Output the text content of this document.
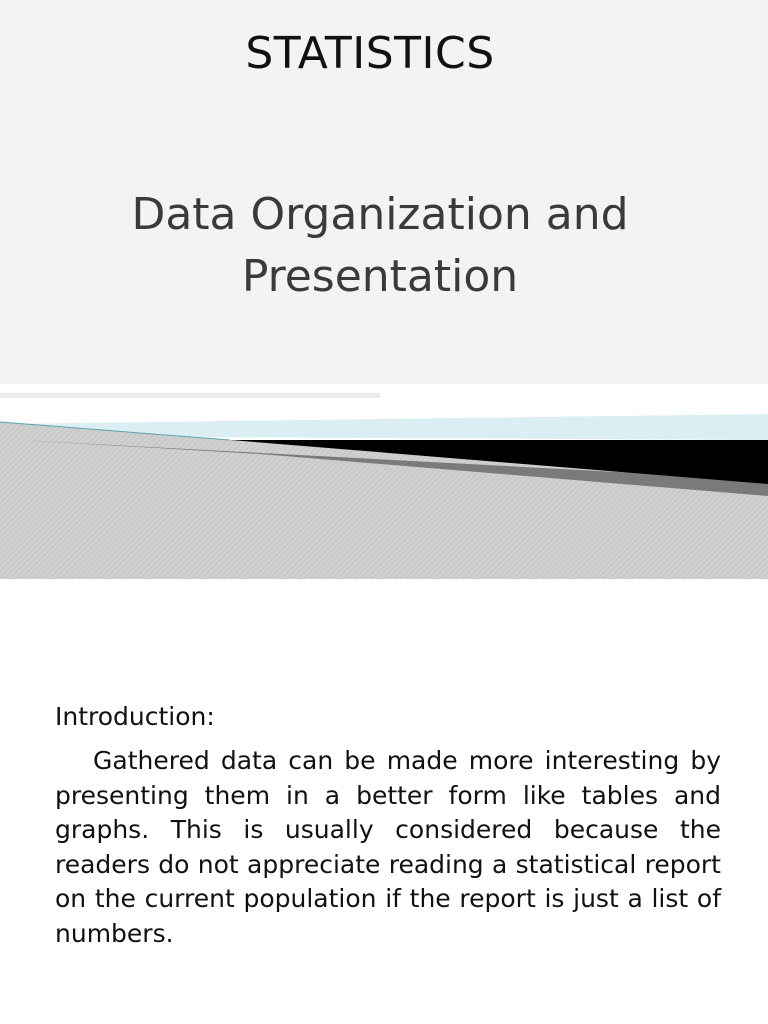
STATISTICS
Data Organization and Presentation
Introduction:

Gathered data can be made more interesting by presenting them in a better form like tables and graphs. This is usually considered because the readers do not appreciate reading a statistical report on the current population if the report is just a list of numbers.
